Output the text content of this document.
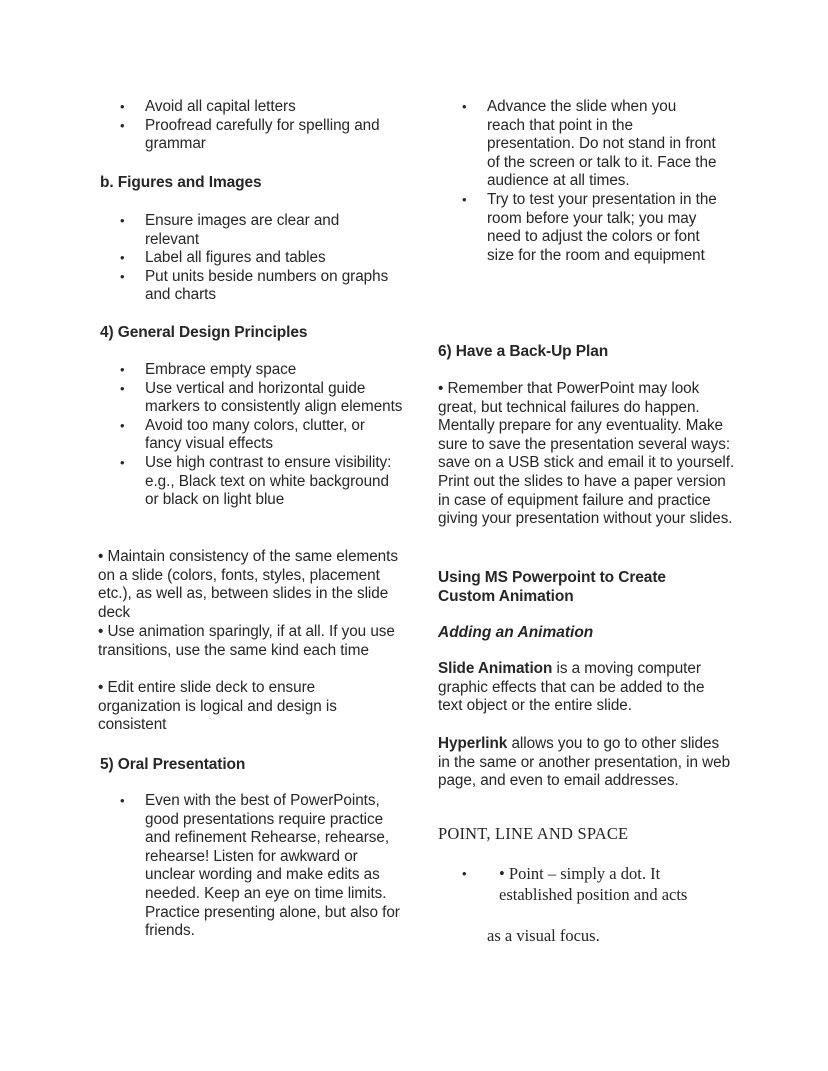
•	Avoid all capital letters
•	Proofread carefully for spelling and grammar
b. Figures and Images
•	Ensure images are clear and relevant
•	Label all figures and tables
•	Put units beside numbers on graphs and charts
4) General Design Principles
•	Embrace empty space
•	Use vertical and horizontal guide markers to consistently align elements
•	Avoid too many colors, clutter, or fancy visual effects
•	Use high contrast to ensure visibility: e.g., Black text on white background or black on light blue
• Maintain consistency of the same elements on a slide (colors, fonts, styles, placement etc.), as well as, between slides in the slide deck
• Use animation sparingly, if at all. If you use transitions, use the same kind each time
• Edit entire slide deck to ensure organization is logical and design is consistent
5) Oral Presentation
•	Even with the best of PowerPoints, good presentations require practice and refinement Rehearse, rehearse, rehearse! Listen for awkward or unclear wording and make edits as needed. Keep an eye on time limits. Practice presenting alone, but also for friends.
•	Advance the slide when you reach that point in the presentation. Do not stand in front of the screen or talk to it. Face the audience at all times.
•	Try to test your presentation in the room before your talk; you may need to adjust the colors or font size for the room and equipment
6) Have a Back-Up Plan
• Remember that PowerPoint may look great, but technical failures do happen. Mentally prepare for any eventuality. Make sure to save the presentation several ways: save on a USB stick and email it to yourself. Print out the slides to have a paper version in case of equipment failure and practice giving your presentation without your slides.
Using MS Powerpoint to Create Custom Animation
Adding an Animation
Slide Animation is a moving computer graphic effects that can be added to the text object or the entire slide.
Hyperlink allows you to go to other slides in the same or another presentation, in web page, and even to email addresses.
POINT, LINE AND SPACE
•	• Point – simply a dot. It established position and acts
as a visual focus.
